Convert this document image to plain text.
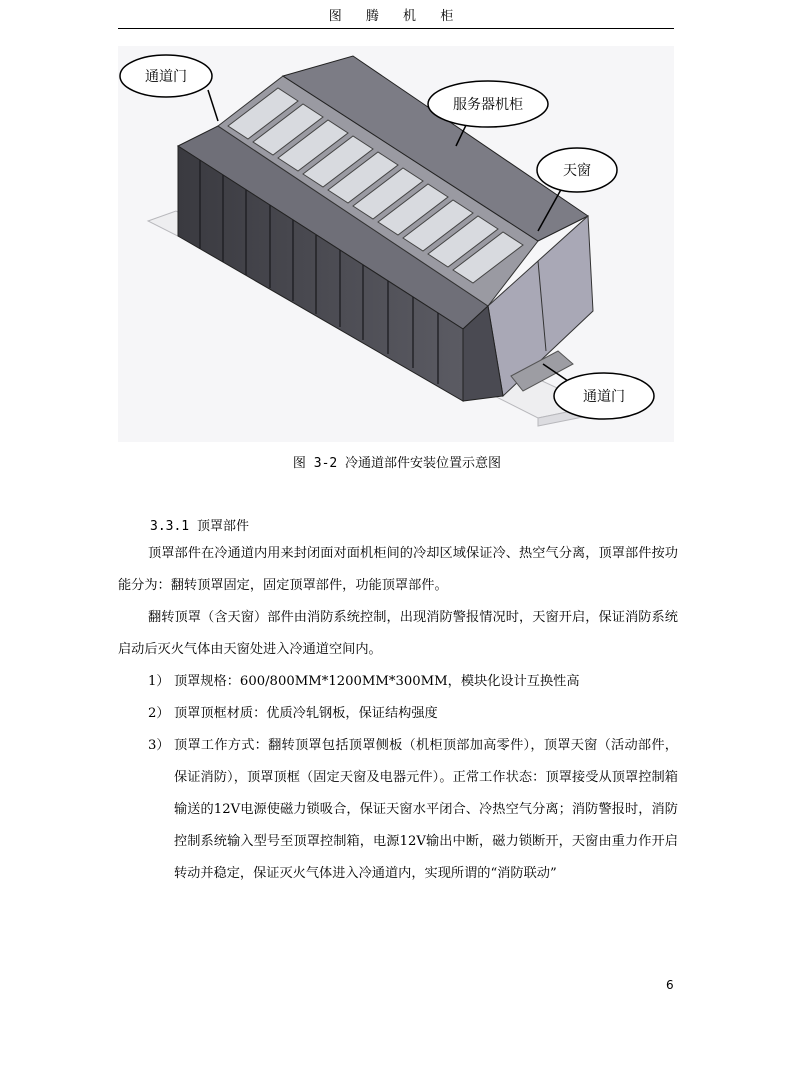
图 腾 机 柜
通道门
服务器机柜
天窗
通道门
图 3-2 冷通道部件安装位置示意图
3.3.1 顶罩部件
顶罩部件在冷通道内用来封闭面对面机柜间的冷却区域保证冷、热空气分离，顶罩部件按功能分为：翻转顶罩固定，固定顶罩部件，功能顶罩部件。
翻转顶罩（含天窗）部件由消防系统控制，出现消防警报情况时，天窗开启，保证消防系统启动后灭火气体由天窗处进入冷通道空间内。
1） 顶罩规格：600/800MM*1200MM*300MM，模块化设计互换性高
2） 顶罩顶框材质：优质冷轧钢板，保证结构强度
3） 顶罩工作方式：翻转顶罩包括顶罩侧板（机柜顶部加高零件），顶罩天窗（活动部件，保证消防），顶罩顶框（固定天窗及电器元件）。正常工作状态：顶罩接受从顶罩控制箱输送的12V电源使磁力锁吸合，保证天窗水平闭合、冷热空气分离；消防警报时，消防控制系统输入型号至顶罩控制箱，电源12V输出中断，磁力锁断开，天窗由重力作开启转动并稳定，保证灭火气体进入冷通道内，实现所谓的“消防联动”
6
